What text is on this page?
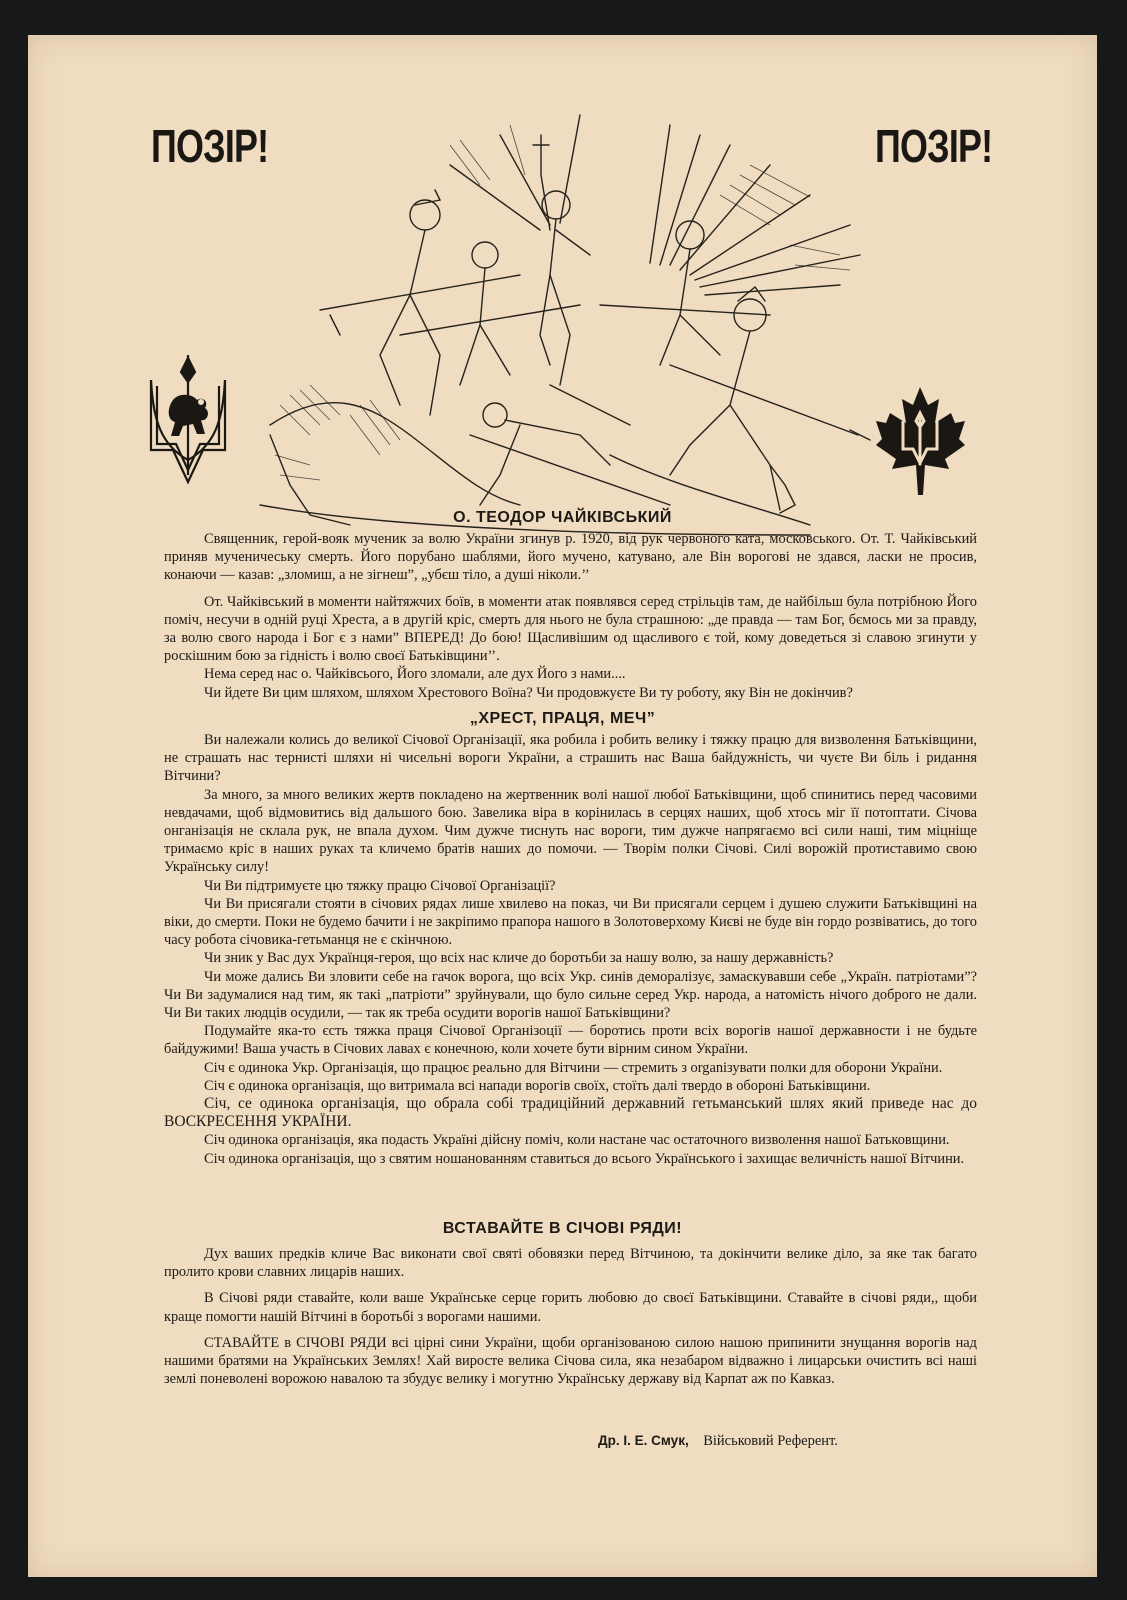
ПОЗІР!	ПОЗІР!
О. ТЕОДОР ЧАЙКІВСЬКИЙ

Священник, герой-вояк мученик за волю України згинув р. 1920, від рук червоного ката, московського. От. Т. Чайківський приняв мученичеську смерть. Його порубано шаблями, його мучено, катувано, але Він ворогові не здався, ласки не просив, конаючи — казав: „зломиш, а не зігнеш”, „убєш тіло, а душі ніколи.’’

От. Чайківський в моменти найтяжчих боїв, в моменти атак появлявся серед стрільців там, де найбільш була потрібною Його поміч, несучи в одній руці Хреста, а в другій кріс, смерть для нього не була страшною: „де правда — там Бог, бємось ми за правду, за волю свого народа і Бог є з нами” ВПЕРЕД! До бою! Щасливішим од щасливого є той, кому доведеться зі славою згинути у роскішним бою за гідність і волю своєї Батьківщини’’.

Нема серед нас о. Чайківсього, Його зломали, але дух Його з нами....

Чи йдете Ви цим шляхом, шляхом Хрестового Воїна? Чи продовжуєте Ви ту роботу, яку Він не докінчив?

„ХРЕСТ, ПРАЦЯ, МЕЧ”

Ви належали колись до великої Січової Організації, яка робила і робить велику і тяжку працю для визволення Батьківщини, не страшать нас тернисті шляхи ні чисельні вороги України, а страшить нас Ваша байдужність, чи чуєте Ви біль і ридання Вітчини?

За много, за много великих жертв покладено на жертвенник волі нашої любої Батьківщини, щоб спинитись перед часовими невдачами, щоб відмовитись від дальшого бою. Завелика віра в корінилась в серцях наших, щоб хтось міг її потоптати. Січова онганізація не склала рук, не впала духом. Чим дужче тиснуть нас вороги, тим дужче напрягаємо всі сили наші, тим міцніще тримаємо кріс в наших руках та кличемо братів наших до помочи. — Творім полки Січові. Силі ворожій протиставимо свою Українську силу!

Чи Ви підтримуєте цю тяжку працю Січової Організації?

Чи Ви присягали стояти в січових рядах лише хвилево на показ, чи Ви присягали серцем і душею служити Батьківщині на віки, до смерти. Поки не будемо бачити і не закріпимо прапора нашого в Золотоверхому Києві не буде він гордо розвіватись, до того часу робота січовика-гетьманця не є скінчною.

Чи зник у Вас дух Українця-героя, що всіх нас кличе до боротьби за нашу волю, за нашу державність?

Чи може дались Ви зловити себе на гачок ворога, що всіх Укр. синів деморалізує, замаскувавши себе „Україн. патріотами”? Чи Ви задумалися над тим, як такі „патріоти” зруйнували, що було сильне серед Укр. народа, а натомість нічого доброго не дали. Чи Ви таких людців осудили, — так як треба осудити ворогів нашої Батьківщини?

Подумайте яка-то єсть тяжка праця Січової Органiзоцiї — боротись проти всіх ворогів нашої державности і не будьте байдужими! Ваша участь в Січових лавах є конечною, коли хочете бути вірним сином України.

Січ є одинока Укр. Організація, що працює реально для Вітчини — стремить з organiзувати полки для оборони України.

Січ є одинока організація, що витримала всі напади ворогів своїх, стоїть далі твердо в обороні Батьківщини.

Січ, се одинока організація, що обрала собі традиційний державний гетьманський шлях який приведе нас до ВОСКРЕСЕННЯ УКРАЇНИ.

Січ одинока організація, яка подасть Україні дійсну поміч, коли настане час остаточного визволення нашої Батьковщини.

Січ одинока організація, що з святим ношанованням ставиться до всього Українського і захищає величність нашої Вітчини.

ВСТАВАЙТЕ В СІЧОВІ РЯДИ!

Дух ваших предків кличе Вас виконати свої святі обовязки перед Вітчиною, та докінчити велике діло, за яке так багато пролито крови славних лицарів наших.

В Січові ряди ставайте, коли ваше Українське серце горить любовю до своєї Батьківщини. Ставайте в січові ряди,, щоби краще помогти нашій Вітчині в боротьбі з ворогами нашими.

СТАВАЙТЕ в СІЧОВІ РЯДИ всі цірні сини України, щоби організованою силою нашою припинити знущання ворогів над нашими братями на Українських Землях! Хай виросте велика Січова сила, яка незабаром відважно і лицарськи очистить всі наші землі поневолені ворожою навалою та збудує велику і могутню Українську державу від Карпат аж по Кавказ.

Др. І. Е. Смук, Військовий Референт.
